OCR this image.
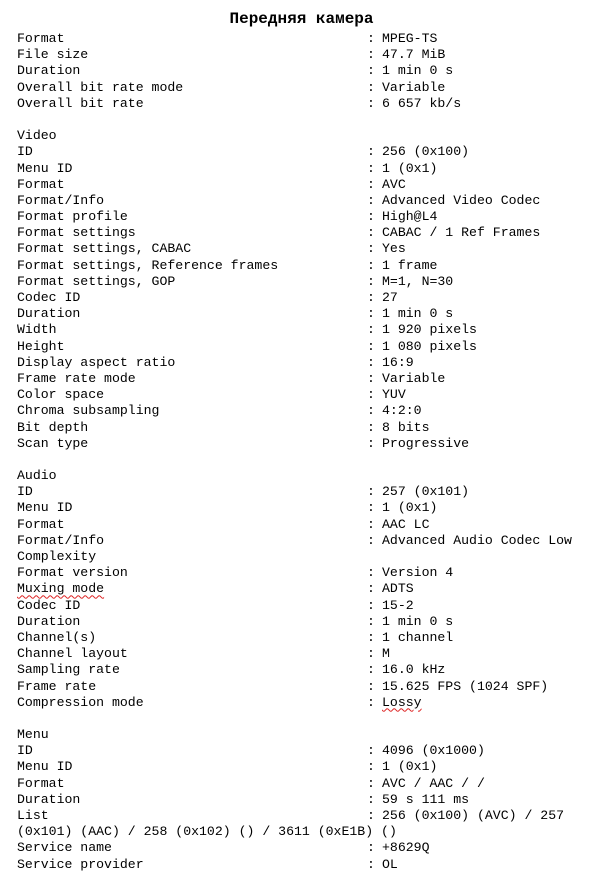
Передняя камера
Format	: MPEG-TS
File size	: 47.7 MiB
Duration	: 1 min 0 s
Overall bit rate mode	: Variable
Overall bit rate	: 6 657 kb/s
Video
ID	: 256 (0x100)
Menu ID	: 1 (0x1)
Format	: AVC
Format/Info	: Advanced Video Codec
Format profile	: High@L4
Format settings	: CABAC / 1 Ref Frames
Format settings, CABAC	: Yes
Format settings, Reference frames	: 1 frame
Format settings, GOP	: M=1, N=30
Codec ID	: 27
Duration	: 1 min 0 s
Width	: 1 920 pixels
Height	: 1 080 pixels
Display aspect ratio	: 16:9
Frame rate mode	: Variable
Color space	: YUV
Chroma subsampling	: 4:2:0
Bit depth	: 8 bits
Scan type	: Progressive
Audio
ID	: 257 (0x101)
Menu ID	: 1 (0x1)
Format	: AAC LC
Format/Info	: Advanced Audio Codec Low
Complexity
Format version	: Version 4
Muxing mode	: ADTS
Codec ID	: 15-2
Duration	: 1 min 0 s
Channel(s)	: 1 channel
Channel layout	: M
Sampling rate	: 16.0 kHz
Frame rate	: 15.625 FPS (1024 SPF)
Compression mode	: Lossy
Menu
ID	: 4096 (0x1000)
Menu ID	: 1 (0x1)
Format	: AVC / AAC / /
Duration	: 59 s 111 ms
List	: 256 (0x100) (AVC) / 257
(0x101) (AAC) / 258 (0x102) () / 3611 (0xE1B) ()
Service name	: +8629Q
Service provider	: OL
